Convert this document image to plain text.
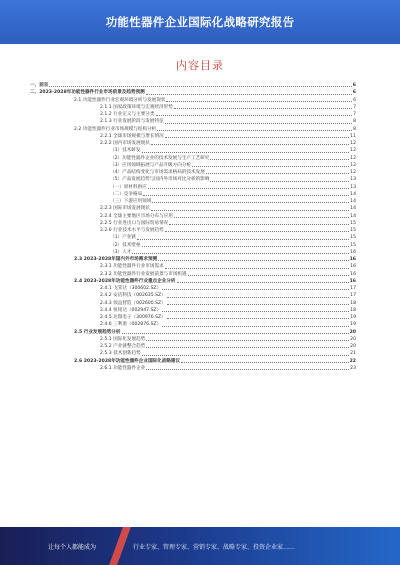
功能性器件企业国际化战略研究报告
内容目录
一、前言	6
二、2023-2028年功能性器件行业市场前景及趋势预测	6
2.1 功能性器件行业宏观环境分析与发展现状	6
2.1.1 国家政策环境与宏观经济形势	7
2.1.2 行业定义与主要分类	7
2.1.3 行业发展阶段与发展特征	8
2.2 功能性器件行业市场规模与结构分析	8
2.2.1 全球市场规模与增长情况	11
2.2.2 国内市场发展现状	12
（1）技术研发	12
（2）功能性器件企业的技术发展与生产工艺研究	12
（3）应用领域拓展与产品升级方向分析	12
（4）产品结构变化与市场需求格局的技术发展	12
（5）产品发展趋势与国内外市场对比分析的影响	13
（一）原材料供应	13
（二）竞争格局	14
（三）下游应用领域	14
2.2.3 国际市场发展现状	14
2.2.4 全球主要地区市场分布与应用	14
2.2.5 行业进出口与国际贸易情况	15
2.2.6 行业技术水平与发展趋势	15
（1）产业链	15
（2）技术壁垒	15
（3）人才	16
2.3 2023-2028年国内外市场需求预测	16
2.3.1 功能性器件行业市场需求	16
2.3.2 功能性器件行业发展前景与市场机遇	16
2.4 2023-2028年功能性器件行业重点企业分析	16
2.4.1 飞荣达（300602.SZ）	17
2.4.2 安洁科技（002635.SZ）	17
2.4.3 领益智造（002600.SZ）	18
2.4.4 恒铭达（002947.SZ）	18
2.4.5 达瑞电子（300976.SZ）	19
2.4.6 三利谱（002876.SZ）	19
2.5 行业发展趋势分析	20
2.5.1 国际化发展趋势	20
2.5.2 产业链整合趋势	20
2.5.3 技术创新趋势	21
2.6 2023-2028年功能性器件企业国际化战略建议	22
2.6.1 功能性器件企业	23
让每个人都能成为	行业专家、管理专家、营销专家、战略专家、投资企业家……
